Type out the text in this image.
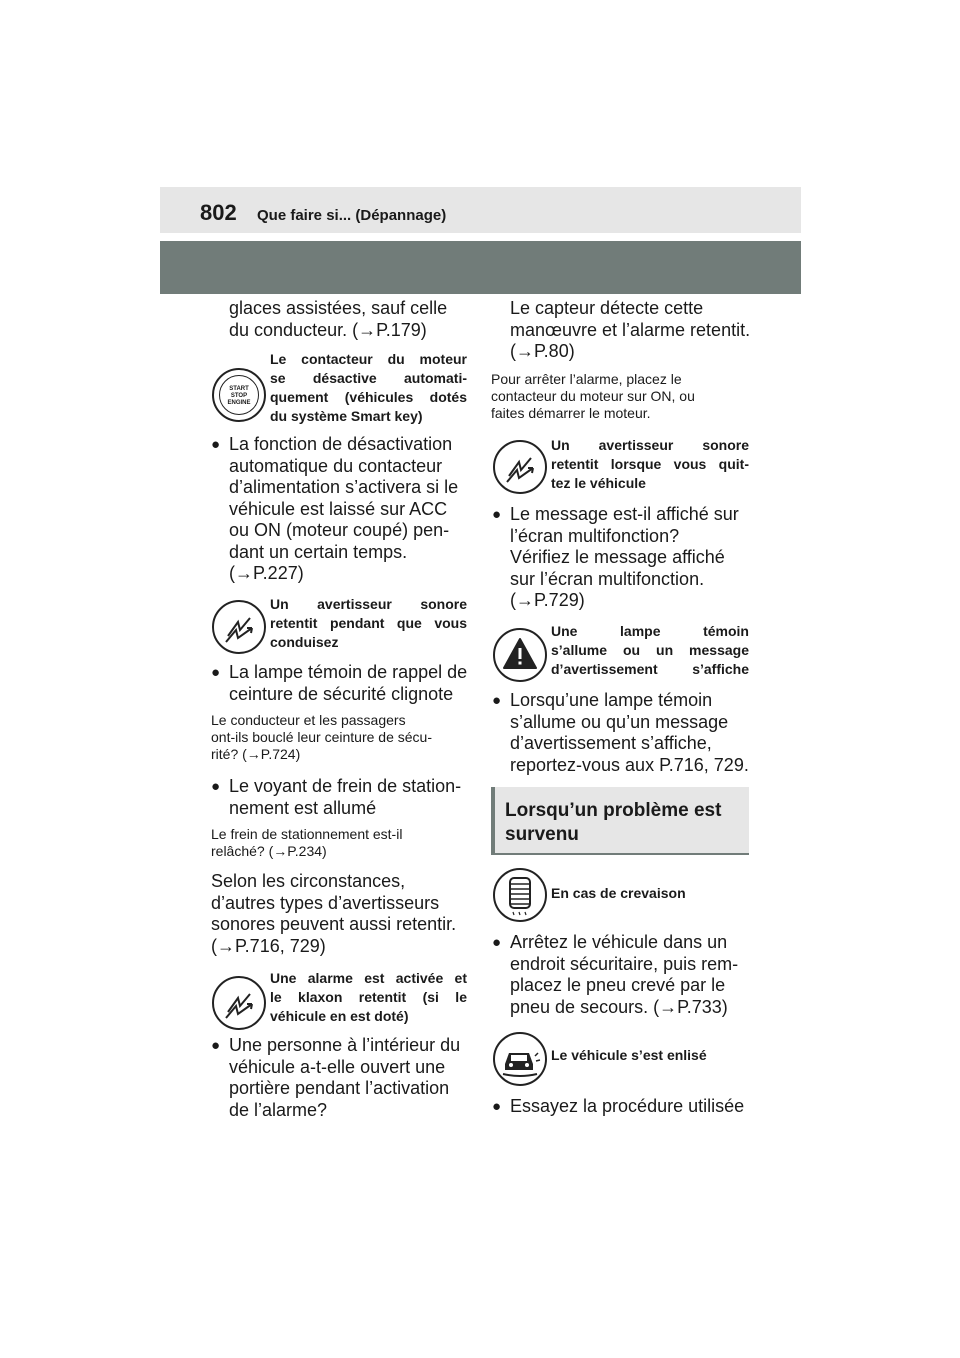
802 Que faire si... (Dépannage)
glaces assistées, sauf celle
du conducteur. (→P.179)
START
STOP
ENGINE
Le contacteur du moteur
se désactive automati-
quement (véhicules dotés
du système Smart key)
● La fonction de désactivation
automatique du contacteur
d’alimentation s’activera si le
véhicule est laissé sur ACC
ou ON (moteur coupé) pen-
dant un certain temps.
(→P.227)
Un avertisseur sonore
retentit pendant que vous
conduisez
● La lampe témoin de rappel de
ceinture de sécurité clignote
Le conducteur et les passagers
ont-ils bouclé leur ceinture de sécu-
rité? (→P.724)
● Le voyant de frein de station-
nement est allumé
Le frein de stationnement est-il
relâché? (→P.234)
Selon les circonstances,
d’autres types d’avertisseurs
sonores peuvent aussi retentir.
(→P.716, 729)
Une alarme est activée et
le klaxon retentit (si le
véhicule en est doté)
● Une personne à l’intérieur du
véhicule a-t-elle ouvert une
portière pendant l’activation
de l’alarme?
Le capteur détecte cette
manœuvre et l’alarme retentit.
(→P.80)
Pour arrêter l’alarme, placez le
contacteur du moteur sur ON, ou
faites démarrer le moteur.
Un avertisseur sonore
retentit lorsque vous quit-
tez le véhicule
● Le message est-il affiché sur
l’écran multifonction?
Vérifiez le message affiché
sur l’écran multifonction.
(→P.729)
Une lampe témoin
s’allume ou un message
d’avertissement s’affiche
● Lorsqu’une lampe témoin
s’allume ou qu’un message
d’avertissement s’affiche,
reportez-vous aux P.716, 729.
Lorsqu’un problème est
survenu
En cas de crevaison
● Arrêtez le véhicule dans un
endroit sécuritaire, puis rem-
placez le pneu crevé par le
pneu de secours. (→P.733)
Le véhicule s’est enlisé
● Essayez la procédure utilisée
